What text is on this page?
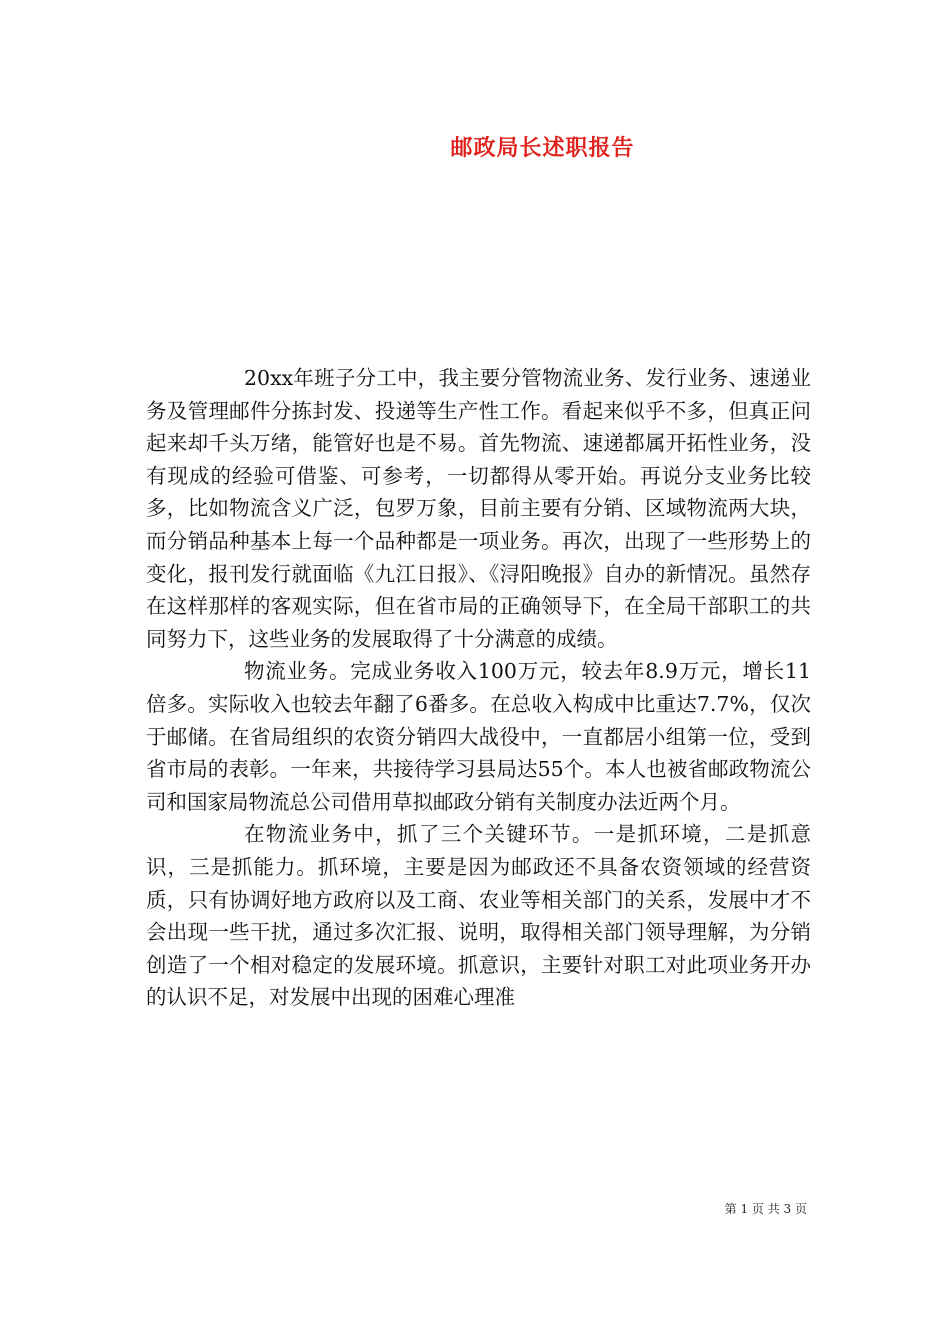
邮政局长述职报告

20xx年班子分工中，我主要分管物流业务、发行业务、速递业务及管理邮件分拣封发、投递等生产性工作。看起来似乎不多，但真正问起来却千头万绪，能管好也是不易。首先物流、速递都属开拓性业务，没有现成的经验可借鉴、可参考，一切都得从零开始。再说分支业务比较多，比如物流含义广泛，包罗万象，目前主要有分销、区域物流两大块，而分销品种基本上每一个品种都是一项业务。再次，出现了一些形势上的变化，报刊发行就面临《九江日报》、《浔阳晚报》自办的新情况。虽然存在这样那样的客观实际，但在省市局的正确领导下，在全局干部职工的共同努力下，这些业务的发展取得了十分满意的成绩。

物流业务。完成业务收入100万元，较去年8.9万元，增长11倍多。实际收入也较去年翻了6番多。在总收入构成中比重达7.7%，仅次于邮储。在省局组织的农资分销四大战役中，一直都居小组第一位，受到省市局的表彰。一年来，共接待学习县局达55个。本人也被省邮政物流公司和国家局物流总公司借用草拟邮政分销有关制度办法近两个月。

在物流业务中，抓了三个关键环节。一是抓环境，二是抓意识，三是抓能力。抓环境，主要是因为邮政还不具备农资领域的经营资质，只有协调好地方政府以及工商、农业等相关部门的关系，发展中才不会出现一些干扰，通过多次汇报、说明，取得相关部门领导理解，为分销创造了一个相对稳定的发展环境。抓意识，主要针对职工对此项业务开办的认识不足，对发展中出现的困难心理准

第 1 页 共 3 页
